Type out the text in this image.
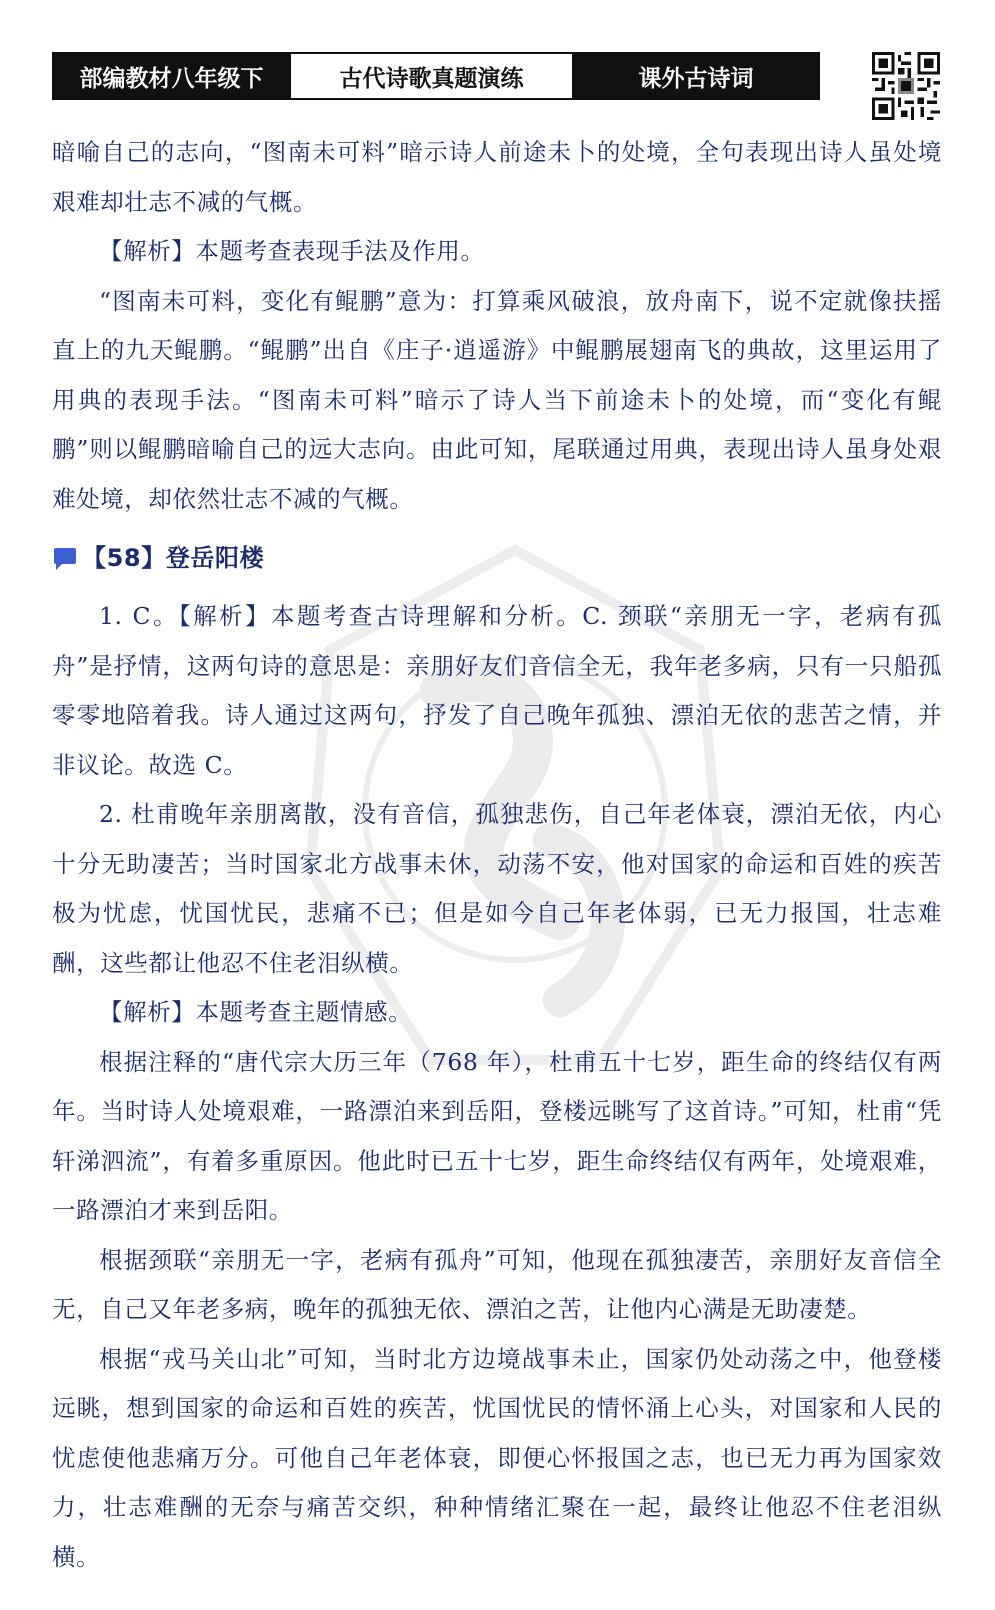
部编教材八年级下	古代诗歌真题演练	课外古诗词

暗喻自己的志向，“图南未可料”暗示诗人前途未卜的处境，全句表现出诗人虽处境艰难却壮志不减的气概。

【解析】本题考查表现手法及作用。

“图南未可料，变化有鲲鹏”意为：打算乘风破浪，放舟南下，说不定就像扶摇直上的九天鲲鹏。“鲲鹏”出自《庄子·逍遥游》中鲲鹏展翅南飞的典故，这里运用了用典的表现手法。“图南未可料”暗示了诗人当下前途未卜的处境，而“变化有鲲鹏”则以鲲鹏暗喻自己的远大志向。由此可知，尾联通过用典，表现出诗人虽身处艰难处境，却依然壮志不减的气概。

【58】登岳阳楼

1. C。【解析】本题考查古诗理解和分析。C. 颈联“亲朋无一字，老病有孤舟”是抒情，这两句诗的意思是：亲朋好友们音信全无，我年老多病，只有一只船孤零零地陪着我。诗人通过这两句，抒发了自己晚年孤独、漂泊无依的悲苦之情，并非议论。故选 C。

2. 杜甫晚年亲朋离散，没有音信，孤独悲伤，自己年老体衰，漂泊无依，内心十分无助凄苦；当时国家北方战事未休，动荡不安，他对国家的命运和百姓的疾苦极为忧虑，忧国忧民，悲痛不已；但是如今自己年老体弱，已无力报国，壮志难酬，这些都让他忍不住老泪纵横。

【解析】本题考查主题情感。

根据注释的“唐代宗大历三年（768 年），杜甫五十七岁，距生命的终结仅有两年。当时诗人处境艰难，一路漂泊来到岳阳，登楼远眺写了这首诗。”可知，杜甫“凭轩涕泗流”，有着多重原因。他此时已五十七岁，距生命终结仅有两年，处境艰难，一路漂泊才来到岳阳。

根据颈联“亲朋无一字，老病有孤舟”可知，他现在孤独凄苦，亲朋好友音信全无，自己又年老多病，晚年的孤独无依、漂泊之苦，让他内心满是无助凄楚。

根据“戎马关山北”可知，当时北方边境战事未止，国家仍处动荡之中，他登楼远眺，想到国家的命运和百姓的疾苦，忧国忧民的情怀涌上心头，对国家和人民的忧虑使他悲痛万分。可他自己年老体衰，即便心怀报国之志，也已无力再为国家效力，壮志难酬的无奈与痛苦交织，种种情绪汇聚在一起，最终让他忍不住老泪纵横。
